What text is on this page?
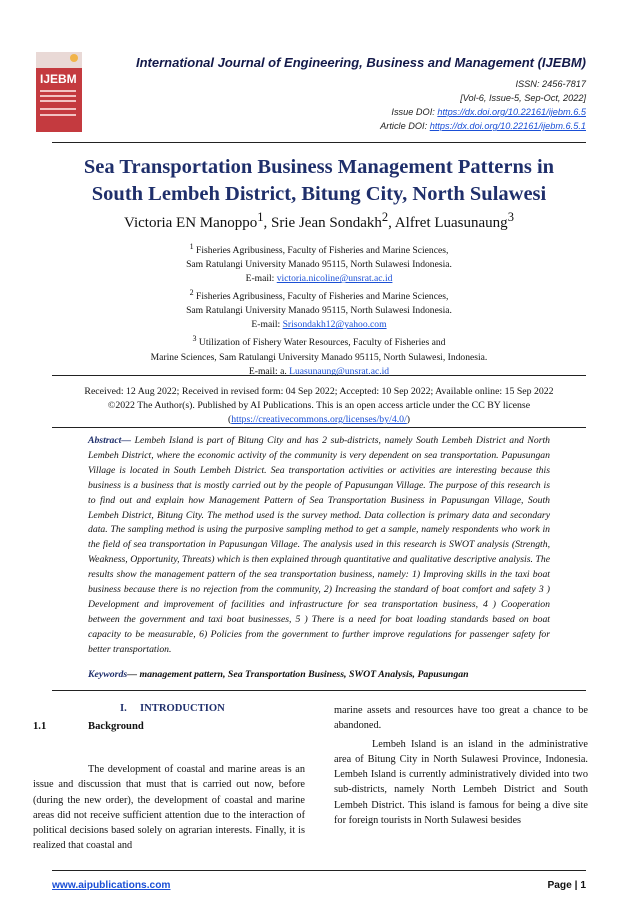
IJEBM
International Journal of Engineering, Business and Management (IJEBM)
ISSN: 2456-7817
[Vol-6, Issue-5, Sep-Oct, 2022]
Issue DOI: https://dx.doi.org/10.22161/ijebm.6.5
Article DOI: https://dx.doi.org/10.22161/ijebm.6.5.1
Sea Transportation Business Management Patterns in
South Lembeh District, Bitung City, North Sulawesi
Victoria EN Manoppo$^1$, Srie Jean Sondakh$^2$, Alfret Luasunaung$^3$
$^1$ Fisheries Agribusiness, Faculty of Fisheries and Marine Sciences,
Sam Ratulangi University Manado 95115, North Sulawesi Indonesia.
E-mail: victoria.nicoline@unsrat.ac.id
$^2$ Fisheries Agribusiness, Faculty of Fisheries and Marine Sciences,
Sam Ratulangi University Manado 95115, North Sulawesi Indonesia.
E-mail: Srisondakh12@yahoo.com
$^3$ Utilization of Fishery Water Resources, Faculty of Fisheries and
Marine Sciences, Sam Ratulangi University Manado 95115, North Sulawesi, Indonesia.
E-mail: a. Luasunaung@unsrat.ac.id
Received: 12 Aug 2022; Received in revised form: 04 Sep 2022; Accepted: 10 Sep 2022; Available online: 15 Sep 2022
©2022 The Author(s). Published by AI Publications. This is an open access article under the CC BY license
(https://creativecommons.org/licenses/by/4.0/)
Abstract— Lembeh Island is part of Bitung City and has 2 sub-districts, namely South Lembeh District and North Lembeh District, where the economic activity of the community is very dependent on sea transportation. Papusungan Village is located in South Lembeh District. Sea transportation activities or activities are interesting because this business is a business that is mostly carried out by the people of Papusungan Village. The purpose of this research is to find out and explain how Management Pattern of Sea Transportation Business in Papusungan Village, South Lembeh District, Bitung City. The method used is the survey method. Data collection is primary data and secondary data. The sampling method is using the purposive sampling method to get a sample, namely respondents who work in the field of sea transportation in Papusungan Village. The analysis used in this research is SWOT analysis (Strength, Weakness, Opportunity, Threats) which is then explained through quantitative and qualitative descriptive analysis. The results show the management pattern of the sea transportation business, namely: 1) Improving skills in the taxi boat business because there is no rejection from the community, 2) Increasing the standard of boat comfort and safety 3 ) Development and improvement of facilities and infrastructure for sea transportation business, 4 ) Cooperation between the government and taxi boat businesses, 5 ) There is a need for boat loading standards based on boat capacity to be measurable, 6) Policies from the government to further improve regulations for passenger safety for better transportation.
Keywords— management pattern, Sea Transportation Business, SWOT Analysis, Papusungan
I.     INTRODUCTION
1.1	Background
The development of coastal and marine areas is an issue and discussion that must that is carried out now, before (during the new order), the development of coastal and marine areas did not receive sufficient attention due to the interaction of political decisions based solely on agrarian interests. Finally, it is realized that coastal and
marine assets and resources have too great a chance to be abandoned.
Lembeh Island is an island in the administrative area of Bitung City in North Sulawesi Province, Indonesia. Lembeh Island is currently administratively divided into two sub-districts, namely North Lembeh District and South Lembeh District. This island is famous for being a dive site for foreign tourists in North Sulawesi besides
www.aipublications.com	Page | 1
